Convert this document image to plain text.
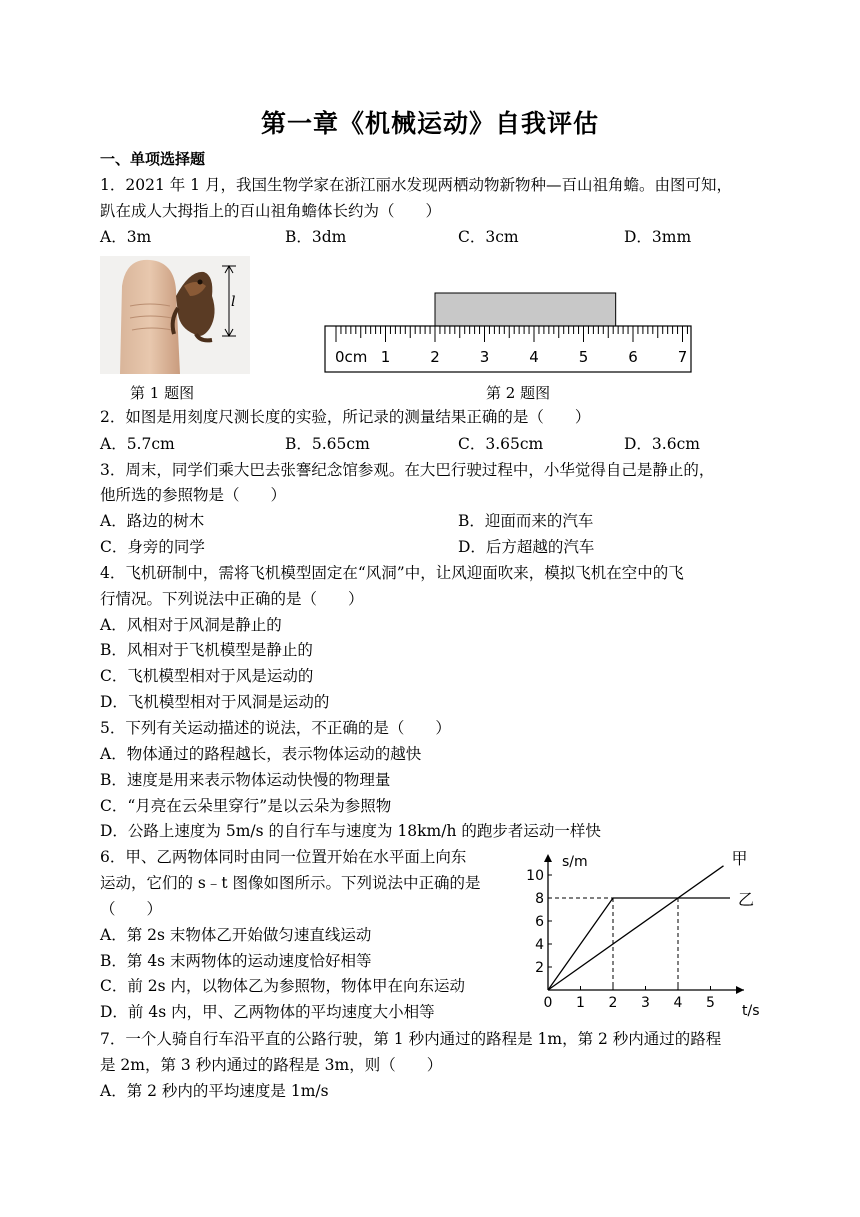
第一章《机械运动》自我评估
一、单项选择题
1．2021 年 1 月，我国生物学家在浙江丽水发现两栖动物新物种—百山祖角蟾。由图可知，
趴在成人大拇指上的百山祖角蟾体长约为（　　）
A．3m	B．3dm	C．3cm	D．3mm
l
第 1 题图
1	2	3	4	5	6	7
0cm
第 2 题图
2．如图是用刻度尺测长度的实验，所记录的测量结果正确的是（　　）
A．5.7cm	B．5.65cm	C．3.65cm	D．3.6cm
3．周末，同学们乘大巴去张謇纪念馆参观。在大巴行驶过程中，小华觉得自己是静止的，
他所选的参照物是（　　）
A．路边的树木	B．迎面而来的汽车
C．身旁的同学	D．后方超越的汽车
4．飞机研制中，需将飞机模型固定在“风洞”中，让风迎面吹来，模拟飞机在空中的飞
行情况。下列说法中正确的是（　　）
A．风相对于风洞是静止的
B．风相对于飞机模型是静止的
C．飞机模型相对于风是运动的
D．飞机模型相对于风洞是运动的
5．下列有关运动描述的说法，不正确的是（　　）
A．物体通过的路程越长，表示物体运动的越快
B．速度是用来表示物体运动快慢的物理量
C．“月亮在云朵里穿行”是以云朵为参照物
D．公路上速度为 5m/s 的自行车与速度为 18km/h 的跑步者运动一样快
6．甲、乙两物体同时由同一位置开始在水平面上向东
运动，它们的 s﹣t 图像如图所示。下列说法中正确的是
（　　）
A．第 2s 末物体乙开始做匀速直线运动
B．第 4s 末两物体的运动速度恰好相等
C．前 2s 内，以物体乙为参照物，物体甲在向东运动
D．前 4s 内，甲、乙两物体的平均速度大小相等	0 1 2 3 4 5
2
4
6
8
10
甲
乙
s/m
t/s
7．一个人骑自行车沿平直的公路行驶，第 1 秒内通过的路程是 1m，第 2 秒内通过的路程
是 2m，第 3 秒内通过的路程是 3m，则（　　）
A．第 2 秒内的平均速度是 1m/s
